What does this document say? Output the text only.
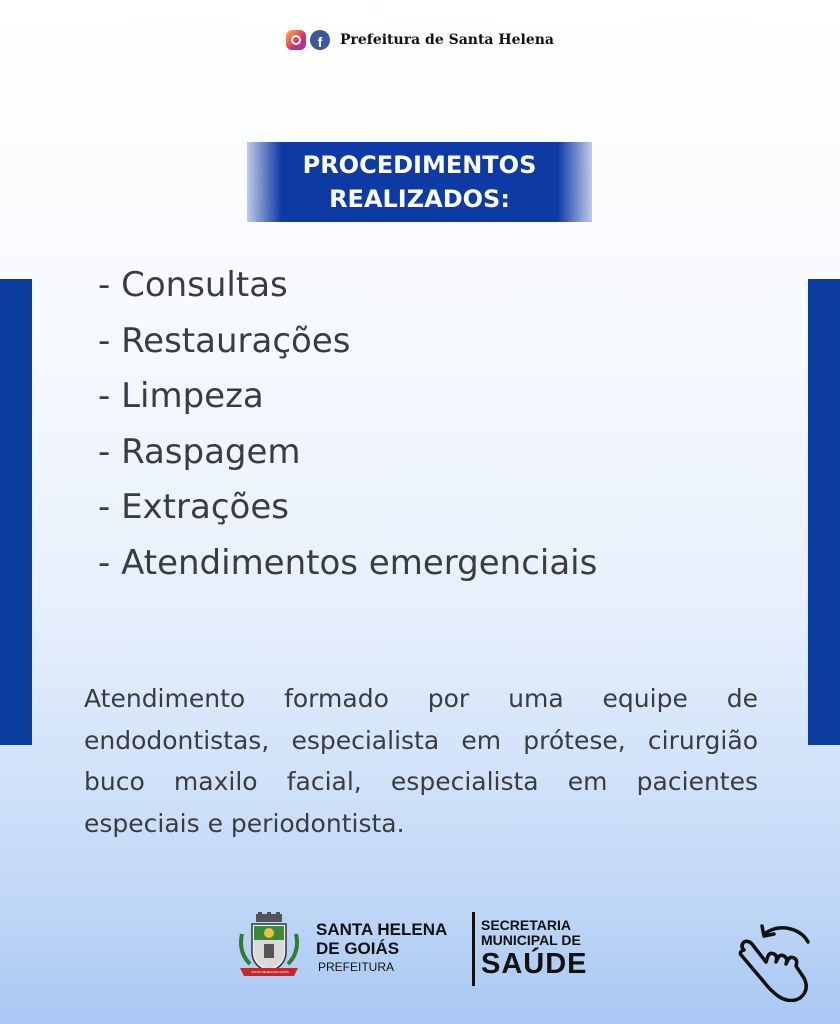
f Prefeitura de Santa Helena
PROCEDIMENTOS
REALIZADOS:
- Consultas
- Restaurações
- Limpeza
- Raspagem
- Extrações
- Atendimentos emergenciais
Atendimento formado por uma equipe de endodontistas, especialista em prótese, cirurgião buco maxilo facial, especialista em pacientes especiais e periodontista.
SANTA HELENA DE GOIÁS
SANTA HELENA
DE GOIÁS
PREFEITURA
SECRETARIA
MUNICIPAL DE
SAÚDE
